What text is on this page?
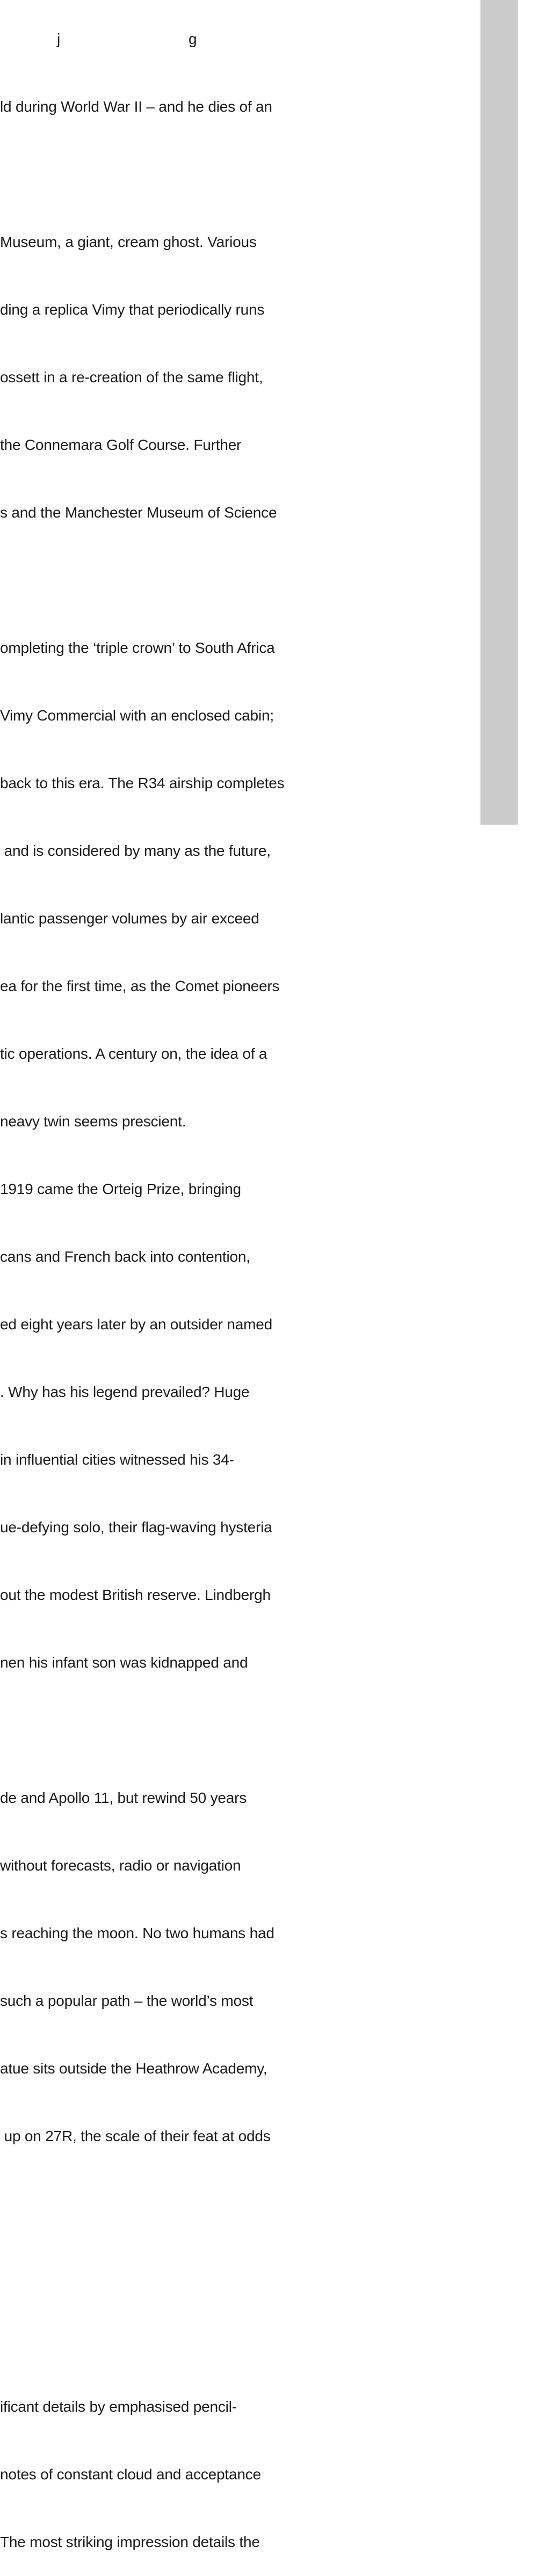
j	g

ld during World War II – and he dies of an

Museum, a giant, cream ghost. Various

ding a replica Vimy that periodically runs

ossett in a re-creation of the same flight,

the Connemara Golf Course. Further

s and the Manchester Museum of Science

ompleting the ‘triple crown’ to South Africa

Vimy Commercial with an enclosed cabin;

back to this era. The R34 airship completes

and is considered by many as the future,

lantic passenger volumes by air exceed

ea for the first time, as the Comet pioneers

tic operations. A century on, the idea of a

neavy twin seems prescient.

1919 came the Orteig Prize, bringing

cans and French back into contention,

ed eight years later by an outsider named

. Why has his legend prevailed? Huge

in influential cities witnessed his 34-

ue-defying solo, their flag-waving hysteria

out the modest British reserve. Lindbergh

nen his infant son was kidnapped and

de and Apollo 11, but rewind 50 years

without forecasts, radio or navigation

s reaching the moon. No two humans had

such a popular path – the world’s most

atue sits outside the Heathrow Academy,

up on 27R, the scale of their feat at odds

ificant details by emphasised pencil-

notes of constant cloud and acceptance

The most striking impression details the
